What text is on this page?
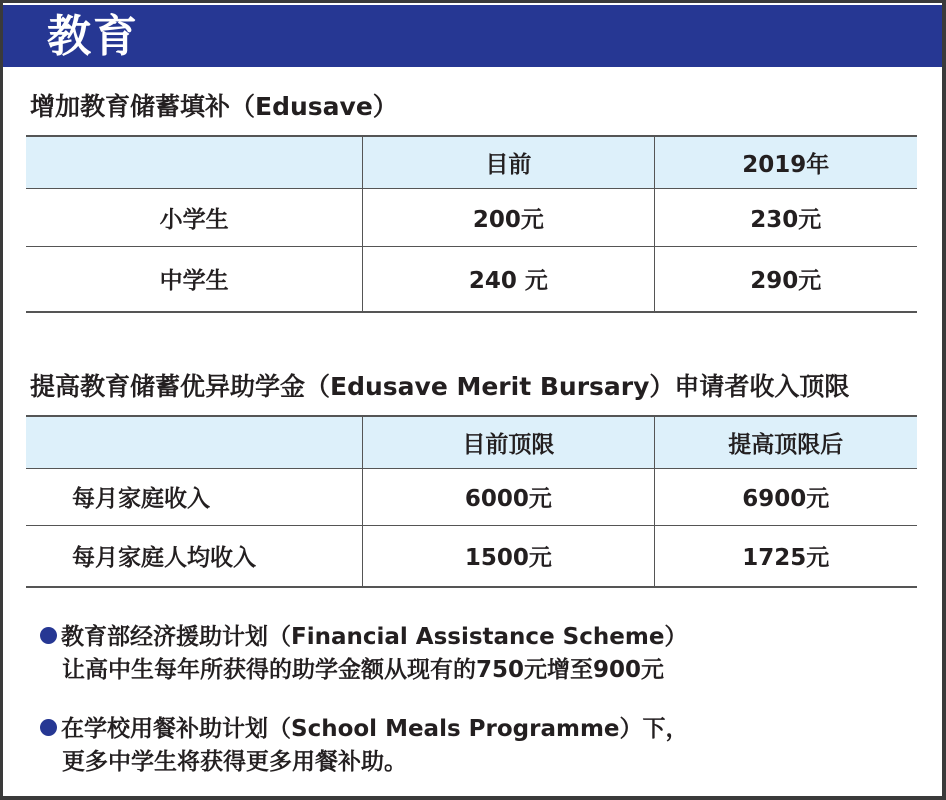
教育
增加教育储蓄填补（Edusave）
	目前	2019年
小学生	200元	230元
中学生	240 元	290元
提高教育储蓄优异助学金（Edusave Merit Bursary）申请者收入顶限
	目前顶限	提高顶限后
每月家庭收入	6000元	6900元
每月家庭人均收入	1500元	1725元
教育部经济援助计划（Financial Assistance Scheme）
让高中生每年所获得的助学金额从现有的750元增至900元
在学校用餐补助计划（School Meals Programme）下，
更多中学生将获得更多用餐补助。
